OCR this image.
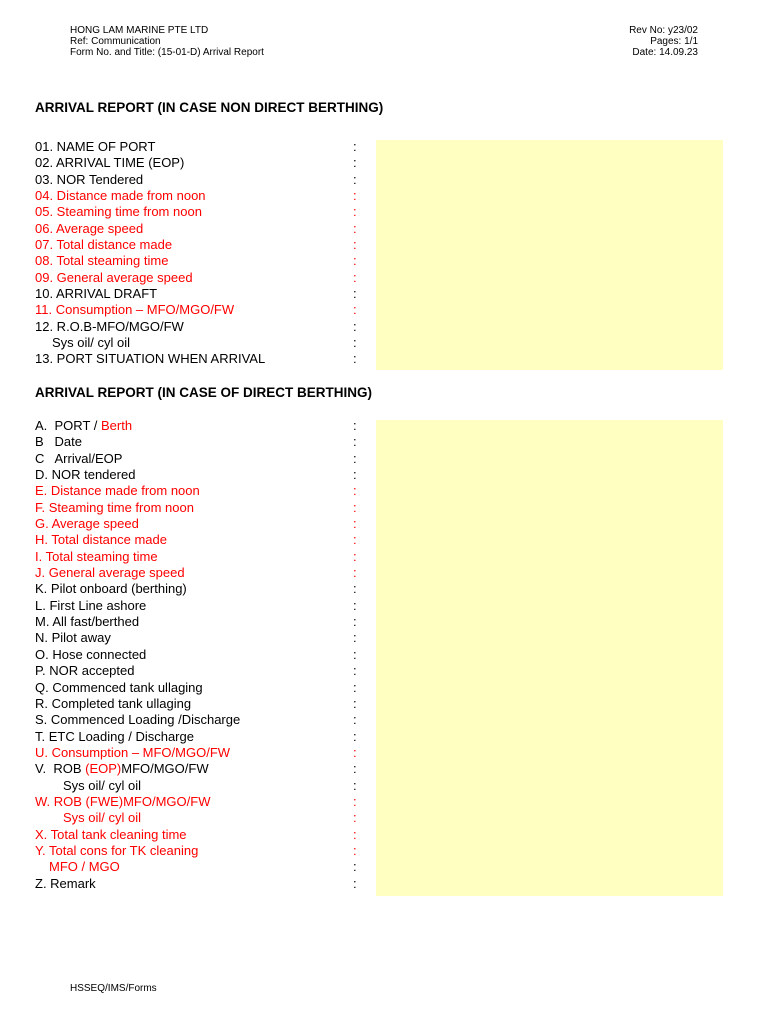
HONG LAM MARINE PTE LTD
Ref: Communication
Form No. and Title: (15-01-D) Arrival Report
Rev No: y23/02
Pages: 1/1
Date: 14.09.23
ARRIVAL REPORT (IN CASE NON DIRECT BERTHING)
01. NAME OF PORT	:
02. ARRIVAL TIME (EOP)	:
03. NOR Tendered	:
04. Distance made from noon	:
05. Steaming time from noon	:
06. Average speed	:
07. Total distance made	:
08. Total steaming time	:
09. General average speed	:
10. ARRIVAL DRAFT	:
11. Consumption – MFO/MGO/FW	:
12. R.O.B-MFO/MGO/FW	:
Sys oil/ cyl oil	:
13. PORT SITUATION WHEN ARRIVAL	:
ARRIVAL REPORT (IN CASE OF DIRECT BERTHING)
A.  PORT / Berth	:
B   Date	:
C   Arrival/EOP	:
D. NOR tendered	:
E. Distance made from noon	:
F. Steaming time from noon	:
G. Average speed	:
H. Total distance made	:
I. Total steaming time	:
J. General average speed	:
K. Pilot onboard (berthing)	:
L. First Line ashore	:
M. All fast/berthed	:
N. Pilot away	:
O. Hose connected	:
P. NOR accepted	:
Q. Commenced tank ullaging	:
R. Completed tank ullaging	:
S. Commenced Loading /Discharge	:
T. ETC Loading / Discharge	:
U. Consumption – MFO/MGO/FW	:
V.  ROB (EOP)MFO/MGO/FW	:
Sys oil/ cyl oil	:
W. ROB (FWE)MFO/MGO/FW	:
Sys oil/ cyl oil	:
X. Total tank cleaning time	:
Y. Total cons for TK cleaning	:
MFO / MGO	:
Z. Remark	:
HSSEQ/IMS/Forms
